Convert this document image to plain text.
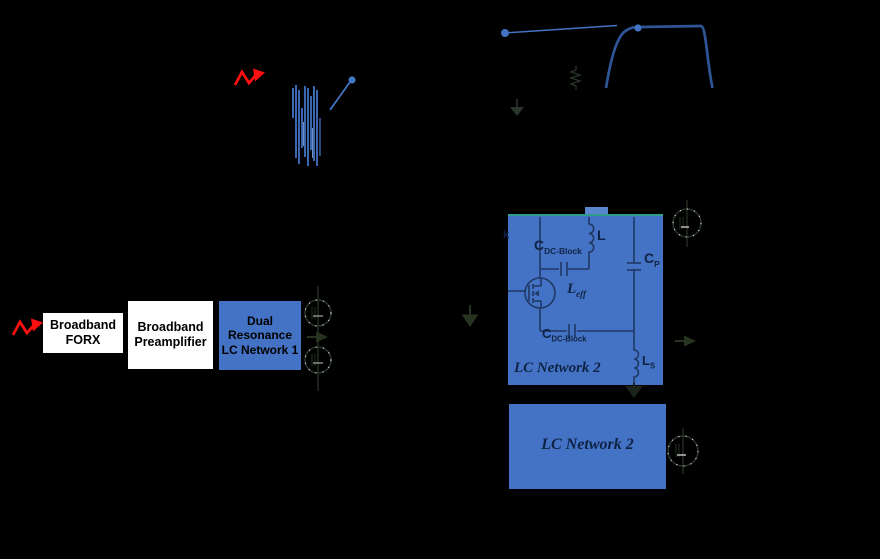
Broadband
FORX
Broadband
Preamplifier
Dual
Resonance
LC Network 1
k
$C_{DC-Block}$
L
$C_P$
$L_{eff}$
$C_{DC-Block}$
$L_S$
LC Network 2
LC Network 2
